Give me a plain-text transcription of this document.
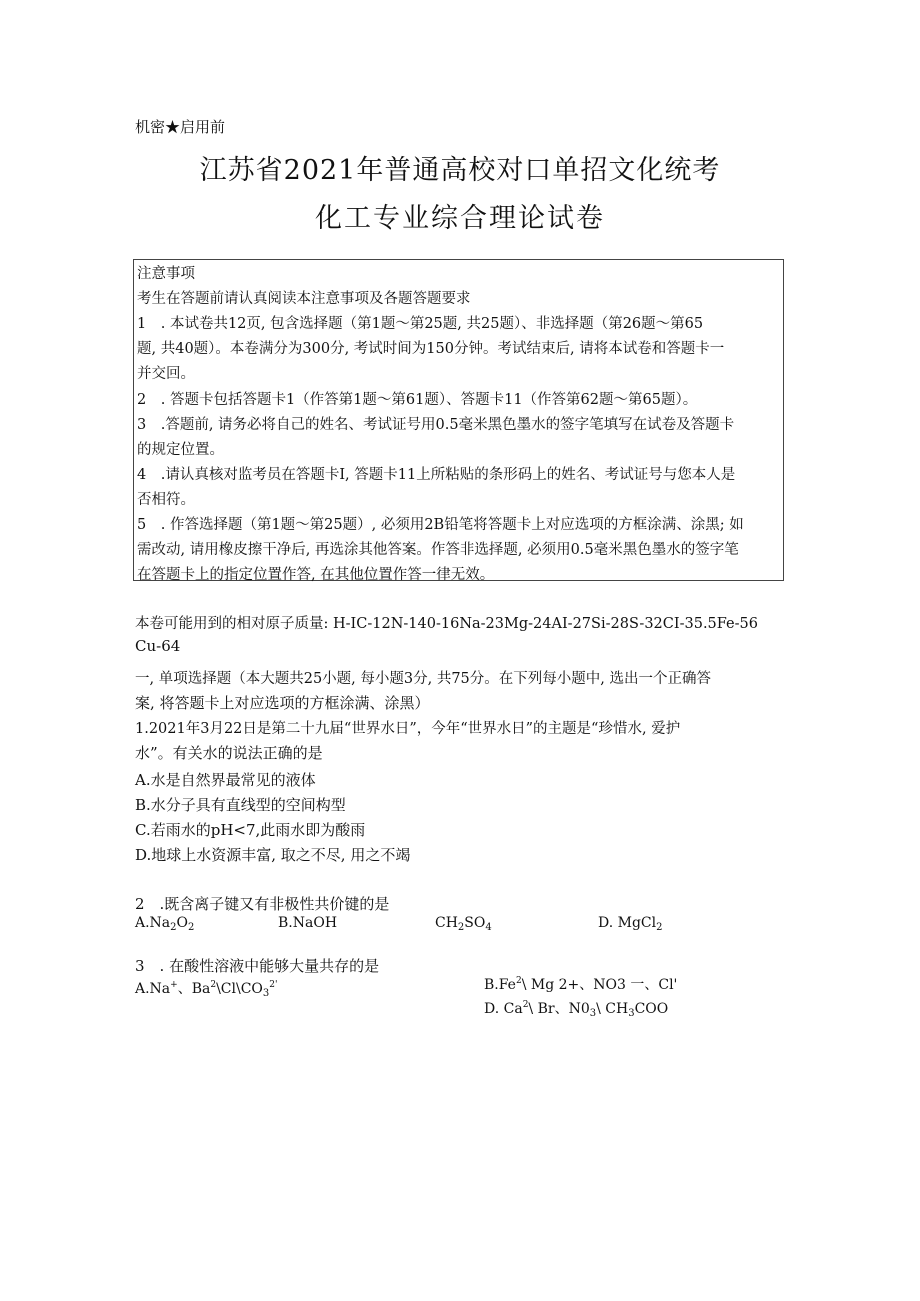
机密★启用前
江苏省2021年普通高校对口单招文化统考
化工专业综合理论试卷
注意事项
考生在答题前请认真阅读本注意事项及各题答题要求
1　. 本试卷共12页, 包含选择题（第1题～第25题, 共25题）、非选择题（第26题～第65
题, 共40题）。本卷满分为300分, 考试时间为150分钟。考试结束后, 请将本试卷和答题卡一
并交回。
2　. 答题卡包括答题卡1（作答第1题～第61题）、答题卡11（作答第62题～第65题）。
3　.答题前, 请务必将自己的姓名、考试证号用0.5毫米黑色墨水的签字笔填写在试卷及答题卡
的规定位置。
4　.请认真核对监考员在答题卡I, 答题卡11上所粘贴的条形码上的姓名、考试证号与您本人是
否相符。
5　. 作答选择题（第1题～第25题）, 必须用2B铅笔将答题卡上对应选项的方框涂满、涂黑; 如
需改动, 请用橡皮擦干净后, 再选涂其他答案。作答非选择题, 必须用0.5毫米黑色墨水的签字笔
在答题卡上的指定位置作答, 在其他位置作答一律无效。
本卷可能用到的相对原子质量: H-IC-12N-140-16Na-23Mg-24AI-27Si-28S-32CI-35.5Fe-56
Cu-64
一, 单项选择题（本大题共25小题, 每小题3分, 共75分。在下列每小题中, 选出一个正确答
案, 将答题卡上对应选项的方框涂满、涂黑）
1.2021年3月22日是第二十九届“世界水日”，今年“世界水日”的主题是“珍惜水, 爱护
水”。有关水的说法正确的是
A.水是自然界最常见的液体
B.水分子具有直线型的空间构型
C.若雨水的pH<7,此雨水即为酸雨
D.地球上水资源丰富, 取之不尽, 用之不竭
2　.既含离子键又有非极性共价键的是
$A.Na_2O_2$	B.NaOH	$CH_2SO_4$	D. MgCl$_2$
3　. 在酸性溶液中能够大量共存的是
A.Na+、$Ba^2\backslash Cl\backslash CO_3^{2'}$	B.Fe$^2$\ Mg 2+、NO3 一、Cl'
D. Ca$^2$\ Br、$N0_3\backslash$ $CH_3COO$
